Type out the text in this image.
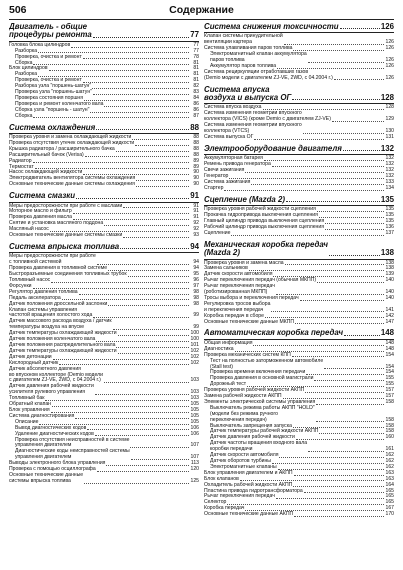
506	Содержание
Двигатель - общие
процедуры ремонта	77
Головка блока цилиндров	77
Разборка	77
Проверка, очистка и ремонт	78
Сборка	81
Блок цилиндров	81
Разборка	81
Проверка, очистка и ремонт	81
Разборка узла "поршень-шатун"	82
Проверка узла "поршень-шатун"	83
Проверка состояния поршня	84
Проверка и ремонт коленчатого вала	86
Сборка узла "поршень - шатун"	86
Сборка	87
Система охлаждения	88
Проверка уровня и замена охлаждающей жидкости	88
Проверка отсутствия утечек охлаждающей жидкости	88
Крышка радиатора / расширительного бачка	88
Расширительный бачок (Verisa)	88
Радиатор	89
Термостат	89
Насос охлаждающей жидкости	90
Электродвигатель вентилятора системы охлаждения	90
Основные технические данные системы охлаждения	90
Система смазки	91
Меры предосторожности при работе с маслами	91
Моторное масло и фильтр	91
Проверка давления масла	91
Снятие и установка масляного поддона	92
Масляный насос	92
Основные технические данные системы смазки	93
Система впрыска топлива	94
Меры предосторожности при работе
с топливной системой	94
Проверка давления в топливной системе	94
Быстроразъемные соединения топливных трубок	95
Топливный насос	96
Форсунки	97
Регулятор давления топлива	98
Педаль акселератора	98
Датчик положения дроссельной заслонки	98
Клапан системы управления
частотой вращения холостого хода	99
Датчик массового расхода воздуха / датчик
температуры воздуха на впуске	99
Датчик температуры охлаждающей жидкости	100
Датчик положения коленчатого вала	100
Датчик положения распределительного вала	101
Датчик температуры охлаждающей жидкости	102
Датчик детонации	102
Кислородный датчик	102
Датчик абсолютного давления
во впускном коллекторе (Demio модели
с двигателем ZJ-VE, 2WD, с 04.2004 г.)	103
Датчик давления рабочей жидкости
усилителя рулевого управления	103
Топливный бак	103
Обратный клапан	105
Блок управления	105
Система диагностирования	105
Описание	105
Вывод диагностических кодов	106
Удаление диагностических кодов	106
Проверка отсутствия неисправностей в системе
управления двигателем	107
Диагностические коды неисправностей системы
управления двигателем	107
Выводы электронного блока управления	113
Проверка с помощью осциллографа	120
Основные технические данные
системы впрыска топлива	125
Система снижения токсичности	126
Клапан системы принудительной
вентиляции картера	126
Система улавливания паров топлива	126
Электромагнитный клапан аккумулятора
паров топлива	126
Аккумулятор паров топлива	126
Система рециркуляции отработавших газов
(Demio модели с двигателем ZJ-VE, 2WD, с 04.2004 г.)	126
Система впуска
воздуха и выпуска ОГ	128
Система впуска воздуха	128
Система изменения геометрии впускного
коллектора (VICS) (кроме Demio с двигателем ZJ-VE)	129
Система изменения геометрии впускного
коллектора (VTCS)	130
Система выпуска ОГ	131
Электрооборудование двигателя	132
Аккумуляторная батарея	132
Ремень привода генератора	132
Свечи зажигания	132
Генератор	132
Система зажигания	133
Стартер	134
Сцепление (Mazda 2)	135
Проверка уровня рабочей жидкости сцепления	135
Прокачка гидропривода выключения сцепления	135
Главный цилиндр привода выключения сцепления	135
Рабочий цилиндр привода выключения сцепления	136
Сцепление	137
Механическая коробка передач
(Mazda 2)	138
Проверка уровня и замена масла	138
Замена сальников	138
Датчик скорости автомобиля	139
Рычаг переключения передач (обычная МКПП)	140
Рычаг переключения передач
(роботизированная МКПП)	140
Тросы выбора и переключения передач	140
Регулировка тросов выбора
и переключения передач	141
Коробка передач в сборе	142
Основные технические данные МКПП	147
Автоматическая коробка передач	148
Общая информация	148
Диагностика	148
Проверка механических систем КПП	154
Тест на полностью заторможенном автомобиле
(Stall test)	154
Проверка времени включения передачи	154
Проверка давления в основной магистрали	155
Дорожный тест	155
Проверка уровня рабочей жидкости АКПП	157
Замена рабочей жидкости АКПП	157
Элементы электрической системы управления	158
Выключатель режима работы АКПП "HOLD"
(модели без режима ручного
переключения передач)	158
Выключатель запрещения запуска	158
Датчик температуры рабочей жидкости АКПП	158
Датчик давления рабочей жидкости	160
Датчик частоты вращения входного вала
коробки передачи	161
Датчик скорости автомобиля	162
Датчик оборотов турбины	162
Электромагнитные клапаны	162
Блок управления двигателем и АКПП	163
Блок клапанов	163
Охладитель рабочей жидкости АКПП	164
Пластина привода гидротрансформатора	165
Рычаг переключения передач	165
Селектор	165
Коробка передач	167
Основные технические данные АКПП	170
